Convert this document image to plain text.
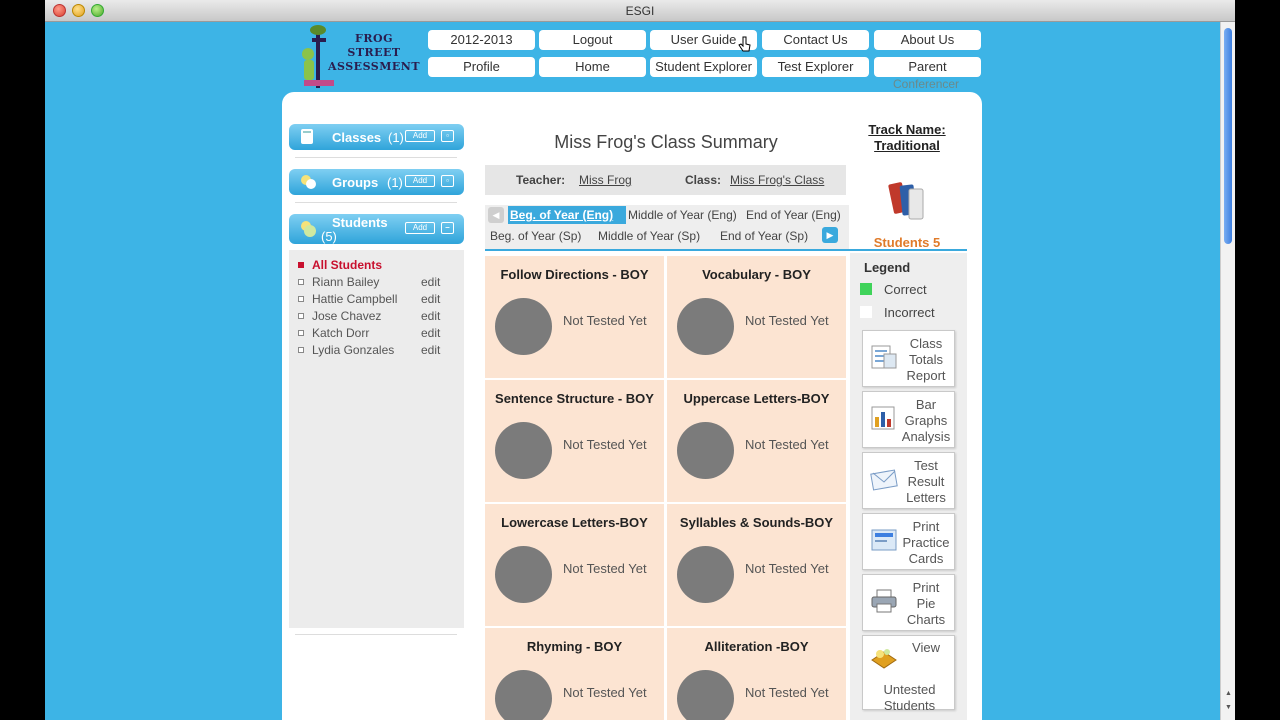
ESGI
FROG
STREET
ASSESSMENT
2012-2013	Logout	User Guide	Contact Us	About Us
Profile	Home	Student Explorer	Test Explorer	Parent
Conferencer
Classes (1)	Add	▫
Groups (1)	Add	▫
Students
(5)
Add	–
All Students
Riann Bailey	edit
Hattie Campbell edit
Jose Chavez	edit
Katch Dorr	edit
Lydia Gonzales edit
Miss Frog's Class Summary
Teacher: Miss Frog	Class: Miss Frog's Class
◀ Beg. of Year (Eng)	Middle of Year (Eng) End of Year (Eng)
Beg. of Year (Sp) Middle of Year (Sp) End of Year (Sp)	▶
Follow Directions - BOY
Not Tested Yet
Vocabulary - BOY
Not Tested Yet
Sentence Structure - BOY
Not Tested Yet
Uppercase Letters-BOY
Not Tested Yet
Lowercase Letters-BOY
Not Tested Yet
Syllables & Sounds-BOY
Not Tested Yet
Rhyming - BOY
Not Tested Yet
Alliteration -BOY
Not Tested Yet
Track Name:
Traditional
Students 5
Legend
Correct
Incorrect
Class
Totals
Report
Bar
Graphs
Analysis
Test
Result
Letters
Print
Practice
Cards
Print
Pie
Charts
View
Untested
Students
▲
▼
